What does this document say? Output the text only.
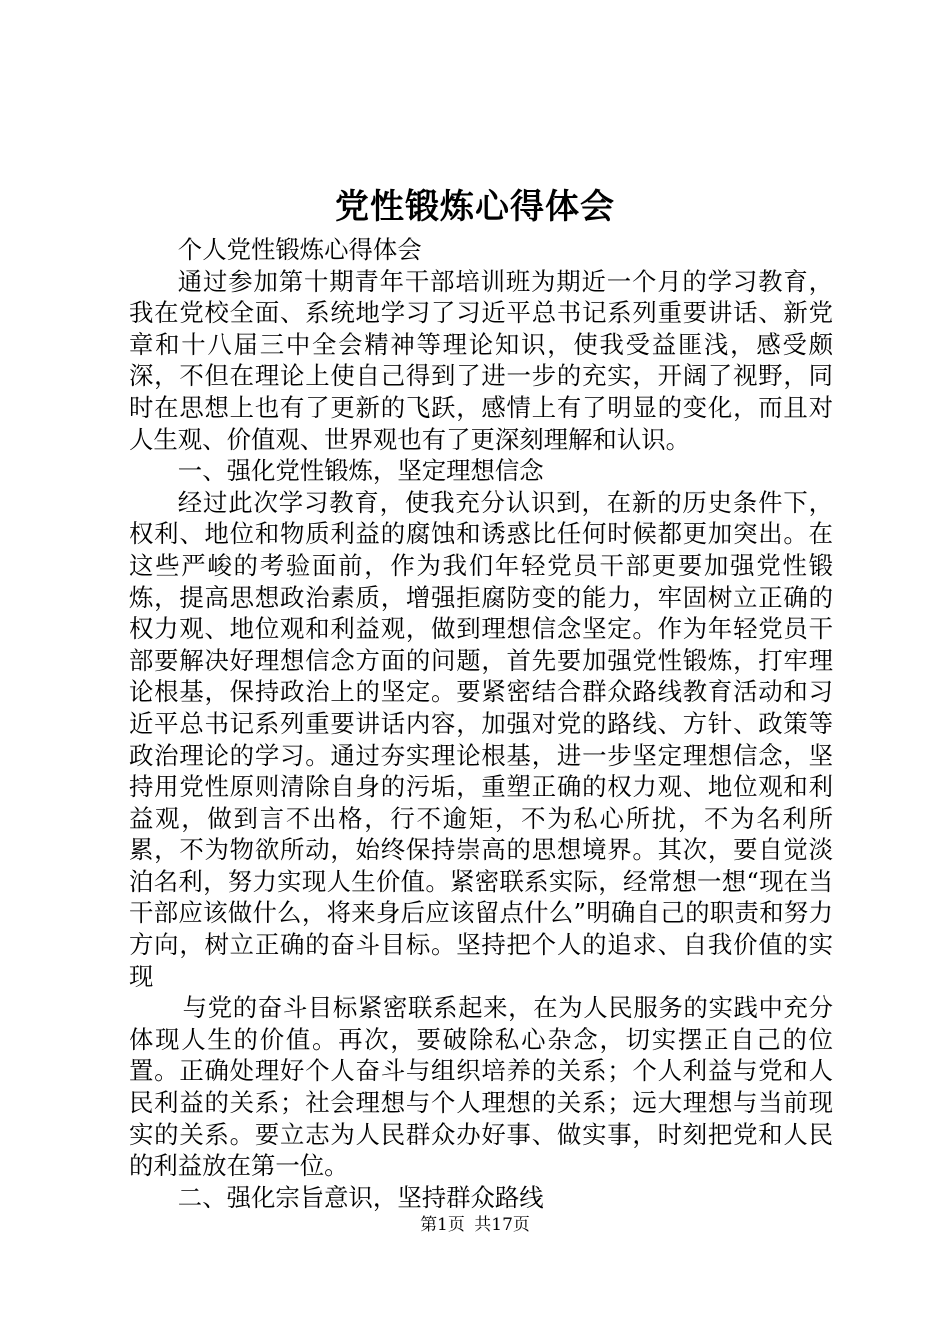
党性锻炼心得体会

个人党性锻炼心得体会

通过参加第十期青年干部培训班为期近一个月的学习教育，我在党校全面、系统地学习了习近平总书记系列重要讲话、新党章和十八届三中全会精神等理论知识，使我受益匪浅，感受颇深，不但在理论上使自己得到了进一步的充实，开阔了视野，同时在思想上也有了更新的飞跃，感情上有了明显的变化，而且对人生观、价值观、世界观也有了更深刻理解和认识。

一、强化党性锻炼，坚定理想信念

经过此次学习教育，使我充分认识到，在新的历史条件下，权利、地位和物质利益的腐蚀和诱惑比任何时候都更加突出。在这些严峻的考验面前，作为我们年轻党员干部更要加强党性锻炼，提高思想政治素质，增强拒腐防变的能力，牢固树立正确的权力观、地位观和利益观，做到理想信念坚定。作为年轻党员干部要解决好理想信念方面的问题，首先要加强党性锻炼，打牢理论根基，保持政治上的坚定。要紧密结合群众路线教育活动和习近平总书记系列重要讲话内容，加强对党的路线、方针、政策等政治理论的学习。通过夯实理论根基，进一步坚定理想信念，坚持用党性原则清除自身的污垢，重塑正确的权力观、地位观和利益观，做到言不出格，行不逾矩，不为私心所扰，不为名利所累，不为物欲所动，始终保持崇高的思想境界。其次，要自觉淡泊名利，努力实现人生价值。紧密联系实际，经常想一想“现在当干部应该做什么，将来身后应该留点什么”明确自己的职责和努力方向，树立正确的奋斗目标。坚持把个人的追求、自我价值的实现

与党的奋斗目标紧密联系起来，在为人民服务的实践中充分体现人生的价值。再次，要破除私心杂念，切实摆正自己的位置。正确处理好个人奋斗与组织培养的关系；个人利益与党和人民利益的关系；社会理想与个人理想的关系；远大理想与当前现实的关系。要立志为人民群众办好事、做实事，时刻把党和人民的利益放在第一位。

二、强化宗旨意识，坚持群众路线

第1页 共17页
